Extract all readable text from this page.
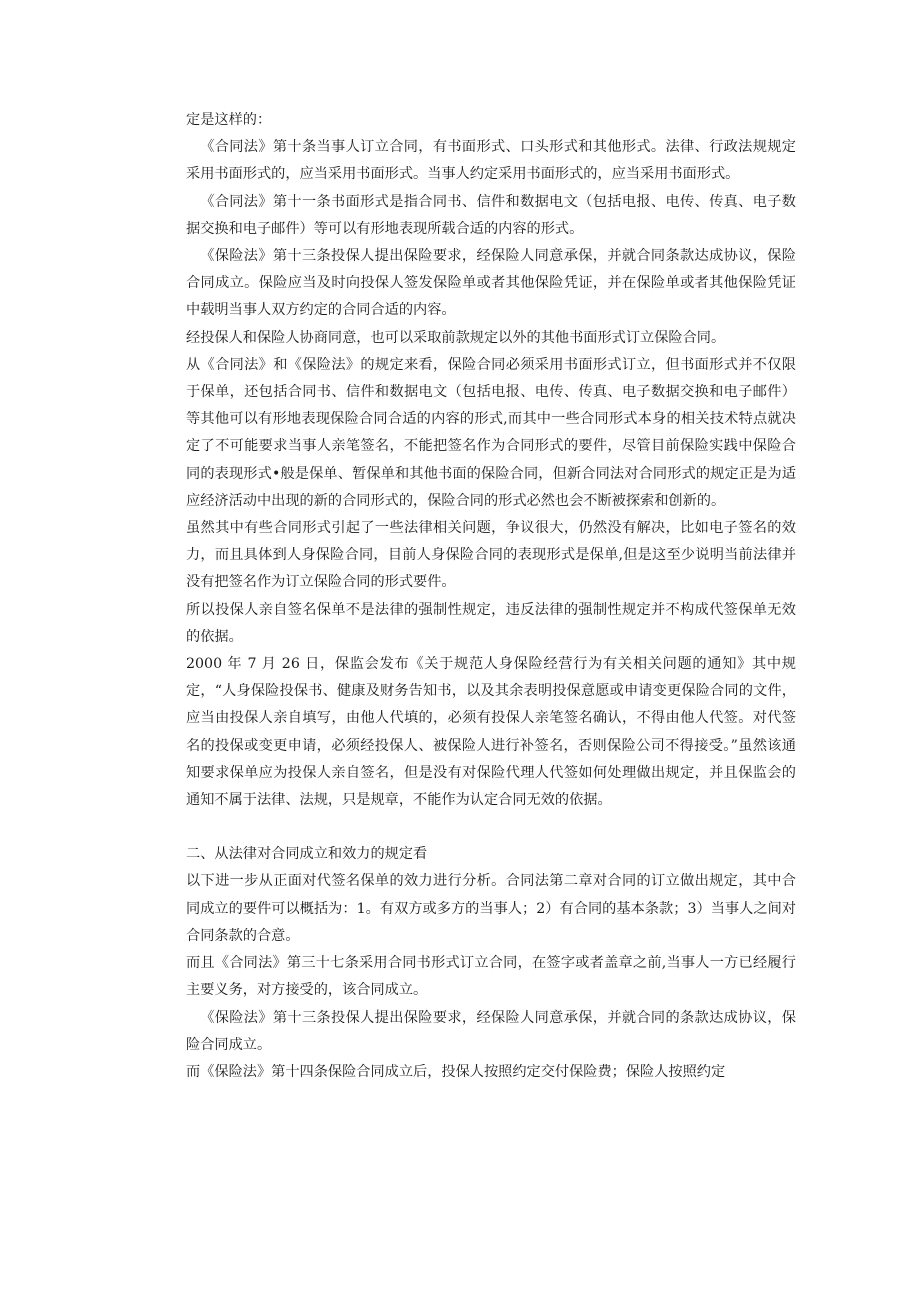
定是这样的：

《合同法》第十条当事人订立合同，有书面形式、口头形式和其他形式。法律、行政法规规定采用书面形式的，应当采用书面形式。当事人约定采用书面形式的，应当采用书面形式。

《合同法》第十一条书面形式是指合同书、信件和数据电文（包括电报、电传、传真、电子数据交换和电子邮件）等可以有形地表现所载合适的内容的形式。

《保险法》第十三条投保人提出保险要求，经保险人同意承保，并就合同条款达成协议，保险合同成立。保险应当及时向投保人签发保险单或者其他保险凭证，并在保险单或者其他保险凭证中载明当事人双方约定的合同合适的内容。

经投保人和保险人协商同意，也可以采取前款规定以外的其他书面形式订立保险合同。

从《合同法》和《保险法》的规定来看，保险合同必须采用书面形式订立，但书面形式并不仅限于保单，还包括合同书、信件和数据电文（包括电报、电传、传真、电子数据交换和电子邮件）等其他可以有形地表现保险合同合适的内容的形式,而其中一些合同形式本身的相关技术特点就决定了不可能要求当事人亲笔签名，不能把签名作为合同形式的要件，尽管目前保险实践中保险合同的表现形式•般是保单、暂保单和其他书面的保险合同，但新合同法对合同形式的规定正是为适应经济活动中出现的新的合同形式的，保险合同的形式必然也会不断被探索和创新的。

虽然其中有些合同形式引起了一些法律相关问题，争议很大，仍然没有解决，比如电子签名的效力，而且具体到人身保险合同，目前人身保险合同的表现形式是保单,但是这至少说明当前法律并没有把签名作为订立保险合同的形式要件。

所以投保人亲自签名保单不是法律的强制性规定，违反法律的强制性规定并不构成代签保单无效的依据。

2000 年 7 月 26 日，保监会发布《关于规范人身保险经营行为有关相关问题的通知》其中规定，“人身保险投保书、健康及财务告知书，以及其余表明投保意愿或申请变更保险合同的文件，应当由投保人亲自填写，由他人代填的，必须有投保人亲笔签名确认，不得由他人代签。对代签名的投保或变更申请，必须经投保人、被保险人进行补签名，否则保险公司不得接受。”虽然该通知要求保单应为投保人亲自签名，但是没有对保险代理人代签如何处理做出规定，并且保监会的通知不属于法律、法规，只是规章，不能作为认定合同无效的依据。

二、从法律对合同成立和效力的规定看

以下进一步从正面对代签名保单的效力进行分析。合同法第二章对合同的订立做出规定，其中合同成立的要件可以概括为：1。有双方或多方的当事人；2）有合同的基本条款；3）当事人之间对合同条款的合意。

而且《合同法》第三十七条采用合同书形式订立合同，在签字或者盖章之前,当事人一方已经履行主要义务，对方接受的，该合同成立。

《保险法》第十三条投保人提出保险要求，经保险人同意承保，并就合同的条款达成协议，保险合同成立。

而《保险法》第十四条保险合同成立后，投保人按照约定交付保险费；保险人按照约定
